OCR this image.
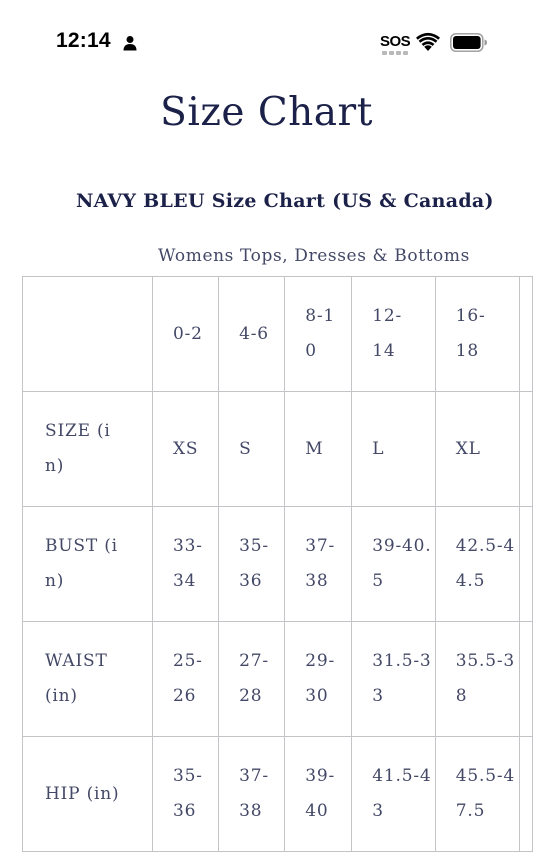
12:14	SOS
Size Chart
NAVY BLEU Size Chart (US & Canada)
Womens Tops, Dresses & Bottoms

	0-2	4-6	8-10	12-14	16-18	

SIZE (in)	XS	S	M	L	XL	

BUST (in)	33-34	35-36	37-38	39-40.5	42.5-44.5	

WAIST (in)	25-26	27-28	29-30	31.5-33	35.5-38	

HIP (in)	35-36	37-38	39-40	41.5-43	45.5-47.5	
